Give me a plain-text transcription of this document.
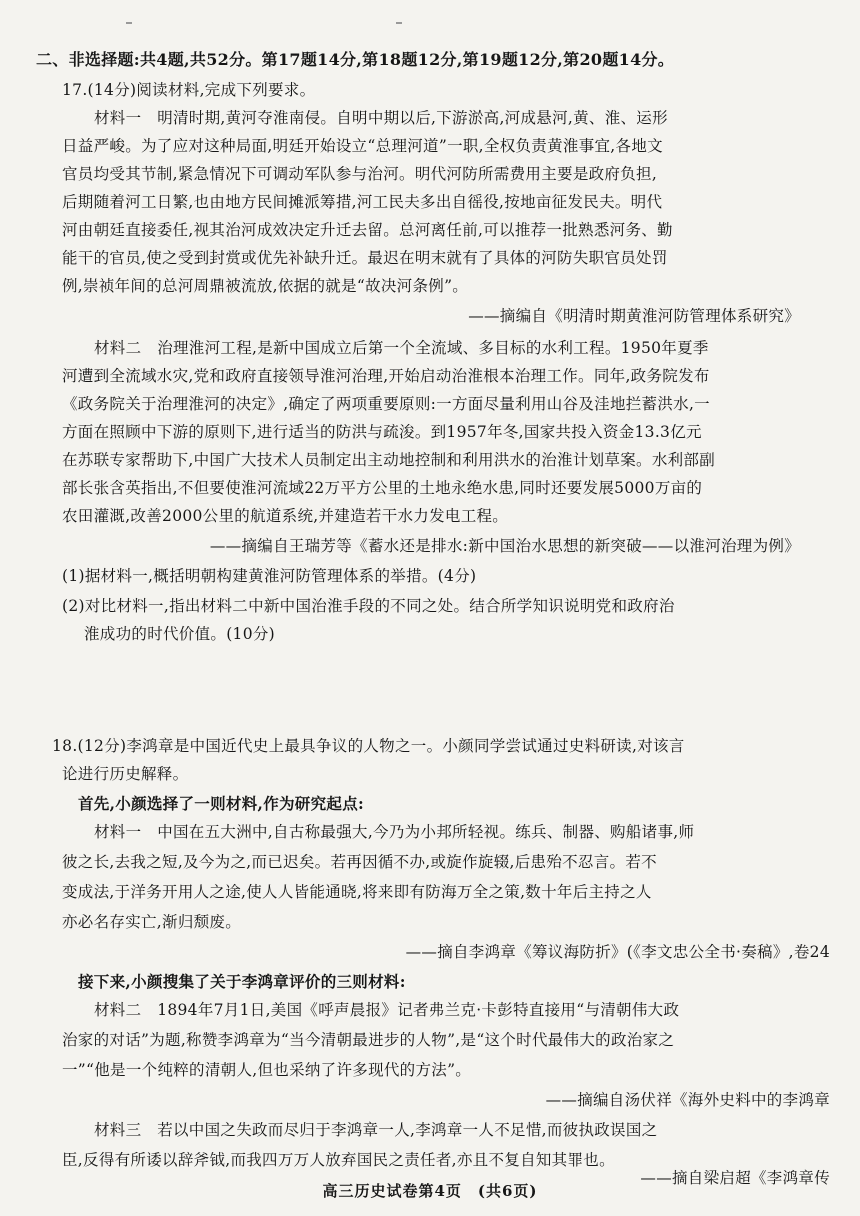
二、非选择题:共4题,共52分。第17题14分,第18题12分,第19题12分,第20题14分。
17.(14分)阅读材料,完成下列要求。
材料一　明清时期,黄河夺淮南侵。自明中期以后,下游淤高,河成悬河,黄、淮、运形
日益严峻。为了应对这种局面,明廷开始设立“总理河道”一职,全权负责黄淮事宜,各地文
官员均受其节制,紧急情况下可调动军队参与治河。明代河防所需费用主要是政府负担,
后期随着河工日繁,也由地方民间摊派筹措,河工民夫多出自徭役,按地亩征发民夫。明代
河由朝廷直接委任,视其治河成效决定升迁去留。总河离任前,可以推荐一批熟悉河务、勤
能干的官员,使之受到封赏或优先补缺升迁。最迟在明末就有了具体的河防失职官员处罚
例,崇祯年间的总河周鼎被流放,依据的就是“故决河条例”。
——摘编自《明清时期黄淮河防管理体系研究》
材料二　治理淮河工程,是新中国成立后第一个全流域、多目标的水利工程。1950年夏季
河遭到全流域水灾,党和政府直接领导淮河治理,开始启动治淮根本治理工作。同年,政务院发布
《政务院关于治理淮河的决定》,确定了两项重要原则:一方面尽量利用山谷及洼地拦蓄洪水,一
方面在照顾中下游的原则下,进行适当的防洪与疏浚。到1957年冬,国家共投入资金13.3亿元
在苏联专家帮助下,中国广大技术人员制定出主动地控制和利用洪水的治淮计划草案。水利部副
部长张含英指出,不但要使淮河流域22万平方公里的土地永绝水患,同时还要发展5000万亩的
农田灌溉,改善2000公里的航道系统,并建造若干水力发电工程。
——摘编自王瑞芳等《蓄水还是排水:新中国治水思想的新突破——以淮河治理为例》
(1)据材料一,概括明朝构建黄淮河防管理体系的举措。(4分)
(2)对比材料一,指出材料二中新中国治淮手段的不同之处。结合所学知识说明党和政府治
淮成功的时代价值。(10分)
18.(12分)李鸿章是中国近代史上最具争议的人物之一。小颜同学尝试通过史料研读,对该言
论进行历史解释。
首先,小颜选择了一则材料,作为研究起点:
材料一　中国在五大洲中,自古称最强大,今乃为小邦所轻视。练兵、制器、购船诸事,师
彼之长,去我之短,及今为之,而已迟矣。若再因循不办,或旋作旋辍,后患殆不忍言。若不
变成法,于洋务开用人之途,使人人皆能通晓,将来即有防海万全之策,数十年后主持之人
亦必名存实亡,渐归颓废。
——摘自李鸿章《筹议海防折》(《李文忠公全书·奏稿》,卷24
接下来,小颜搜集了关于李鸿章评价的三则材料:
材料二　1894年7月1日,美国《呼声晨报》记者弗兰克·卡彭特直接用“与清朝伟大政
治家的对话”为题,称赞李鸿章为“当今清朝最进步的人物”,是“这个时代最伟大的政治家之
一”“他是一个纯粹的清朝人,但也采纳了许多现代的方法”。
——摘编自汤伏祥《海外史料中的李鸿章
材料三　若以中国之失政而尽归于李鸿章一人,李鸿章一人不足惜,而彼执政误国之
臣,反得有所诿以辞斧钺,而我四万万人放弃国民之责任者,亦且不复自知其罪也。
——摘自梁启超《李鸿章传
高三历史试卷第4页　(共6页)
